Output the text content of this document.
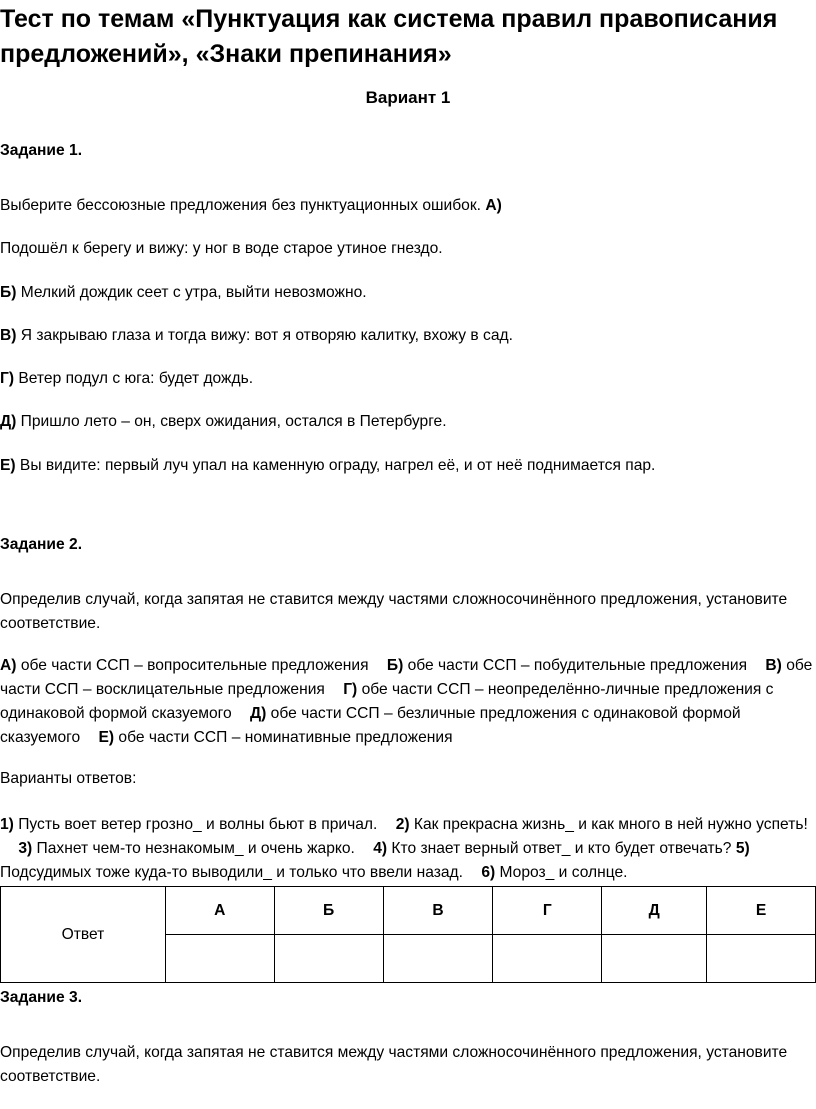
Тест по темам «Пунктуация как система правил правописания предложений», «Знаки препинания»
Вариант 1
Задание 1.
Выберите бессоюзные предложения без пунктуационных ошибок. А)
Подошёл к берегу и вижу: у ног в воде старое утиное гнездо.
Б) Мелкий дождик сеет с утра, выйти невозможно.
В) Я закрываю глаза и тогда вижу: вот я отворяю калитку, вхожу в сад.
Г) Ветер подул с юга: будет дождь.
Д) Пришло лето – он, сверх ожидания, остался в Петербурге.
Е) Вы видите: первый луч упал на каменную ограду, нагрел её, и от неё поднимается пар.
Задание 2.
Определив случай, когда запятая не ставится между частями сложносочинённого предложения, установите соответствие.
А) обе части ССП – вопросительные предложения Б) обе части ССП – побудительные предложения В) обе части ССП – восклицательные предложения Г) обе части ССП – неопределённо-личные предложения с одинаковой формой сказуемого Д) обе части ССП – безличные предложения с одинаковой формой сказуемого Е) обе части ССП – номинативные предложения
Варианты ответов:
1) Пусть воет ветер грозно_ и волны бьют в причал. 2) Как прекрасна жизнь_ и как много в ней нужно успеть! 3) Пахнет чем-то незнакомым_ и очень жарко. 4) Кто знает верный ответ_ и кто будет отвечать? 5) Подсудимых тоже куда-то выводили_ и только что ввели назад. 6) Мороз_ и солнце.
Ответ	А	Б	В	Г	Д	Е

Задание 3.
Определив случай, когда запятая не ставится между частями сложносочинённого предложения, установите соответствие.
